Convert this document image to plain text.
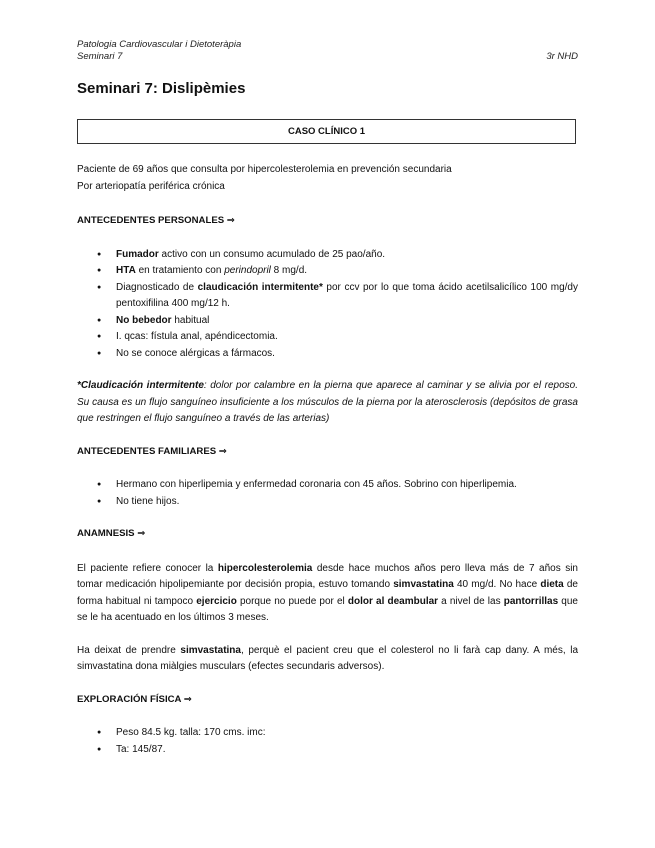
Patologia Cardiovascular i Dietoteràpia
Seminari 7	3r NHD
Seminari 7: Dislipèmies
CASO CLÍNICO 1

Paciente de 69 años que consulta por hipercolesterolemia en prevención secundaria

Por arteriopatía periférica crónica

ANTECEDENTES PERSONALES ⇒

● Fumador activo con un consumo acumulado de 25 pao/año.
● HTA en tratamiento con perindopril 8 mg/d.
● Diagnosticado de claudicación intermitente* por ccv por lo que toma ácido acetilsalicílico 100 mg/dy pentoxifilina 400 mg/12 h.
● No bebedor habitual
● I. qcas: fístula anal, apéndicectomia.
● No se conoce alérgicas a fármacos.

*Claudicación intermitente: dolor por calambre en la pierna que aparece al caminar y se alivia por el reposo. Su causa es un flujo sanguíneo insuficiente a los músculos de la pierna por la aterosclerosis (depósitos de grasa que restringen el flujo sanguíneo a través de las arterias)

ANTECEDENTES FAMILIARES ⇒

● Hermano con hiperlipemia y enfermedad coronaria con 45 años. Sobrino con hiperlipemia.
● No tiene hijos.

ANAMNESIS ⇒

El paciente refiere conocer la hipercolesterolemia desde hace muchos años pero lleva más de 7 años sin tomar medicación hipolipemiante por decisión propia, estuvo tomando simvastatina 40 mg/d. No hace dieta de forma habitual ni tampoco ejercicio porque no puede por el dolor al deambular a nivel de las pantorrillas que se le ha acentuado en los últimos 3 meses.

Ha deixat de prendre simvastatina, perquè el pacient creu que el colesterol no li farà cap dany. A més, la simvastatina dona miàlgies musculars (efectes secundaris adversos).

EXPLORACIÓN FÍSICA ⇒

● Peso 84.5 kg. talla: 170 cms. imc:
● Ta: 145/87.
